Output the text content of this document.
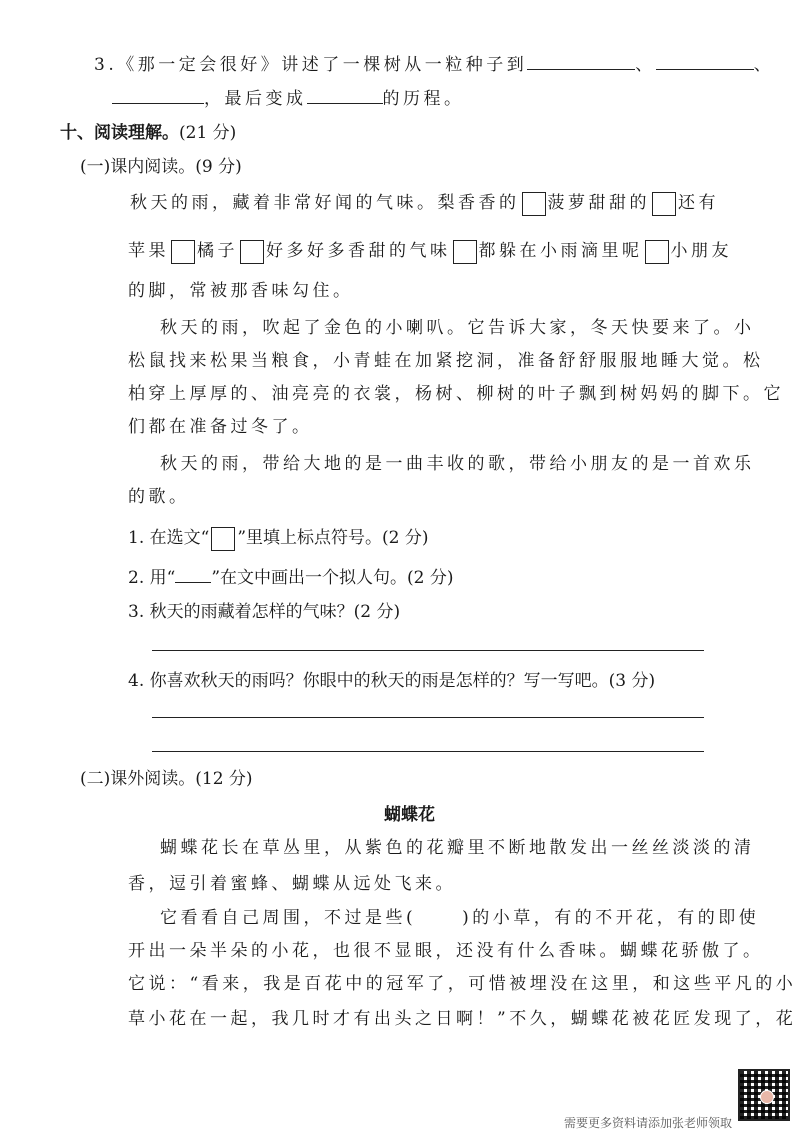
3.《那一定会很好》讲述了一棵树从一粒种子到	、	、
，最后变成	的历程。
十、阅读理解。(21 分)
(一)课内阅读。(9 分)
秋天的雨，藏着非常好闻的气味。梨香香的 菠萝甜甜的 还有
苹果 橘子 好多好多香甜的气味 都躲在小雨滴里呢 小朋友
的脚，常被那香味勾住。
秋天的雨，吹起了金色的小喇叭。它告诉大家，冬天快要来了。小
松鼠找来松果当粮食，小青蛙在加紧挖洞，准备舒舒服服地睡大觉。松
柏穿上厚厚的、油亮亮的衣裳，杨树、柳树的叶子飘到树妈妈的脚下。它
们都在准备过冬了。
秋天的雨，带给大地的是一曲丰收的歌，带给小朋友的是一首欢乐
的歌。
1. 在选文“ ”里填上标点符号。(2 分)
2. 用“ ”在文中画出一个拟人句。(2 分)
3. 秋天的雨藏着怎样的气味？(2 分)
4. 你喜欢秋天的雨吗？你眼中的秋天的雨是怎样的？写一写吧。(3 分)
(二)课外阅读。(12 分)
蝴蝶花
蝴蝶花长在草丛里，从紫色的花瓣里不断地散发出一丝丝淡淡的清
香，逗引着蜜蜂、蝴蝶从远处飞来。
它看看自己周围，不过是些(	)的小草，有的不开花，有的即使
开出一朵半朵的小花，也很不显眼，还没有什么香味。蝴蝶花骄傲了。
它说：“看来，我是百花中的冠军了，可惜被埋没在这里，和这些平凡的小
草小花在一起，我几时才有出头之日啊！”不久，蝴蝶花被花匠发现了，花
需要更多资料请添加张老师领取
